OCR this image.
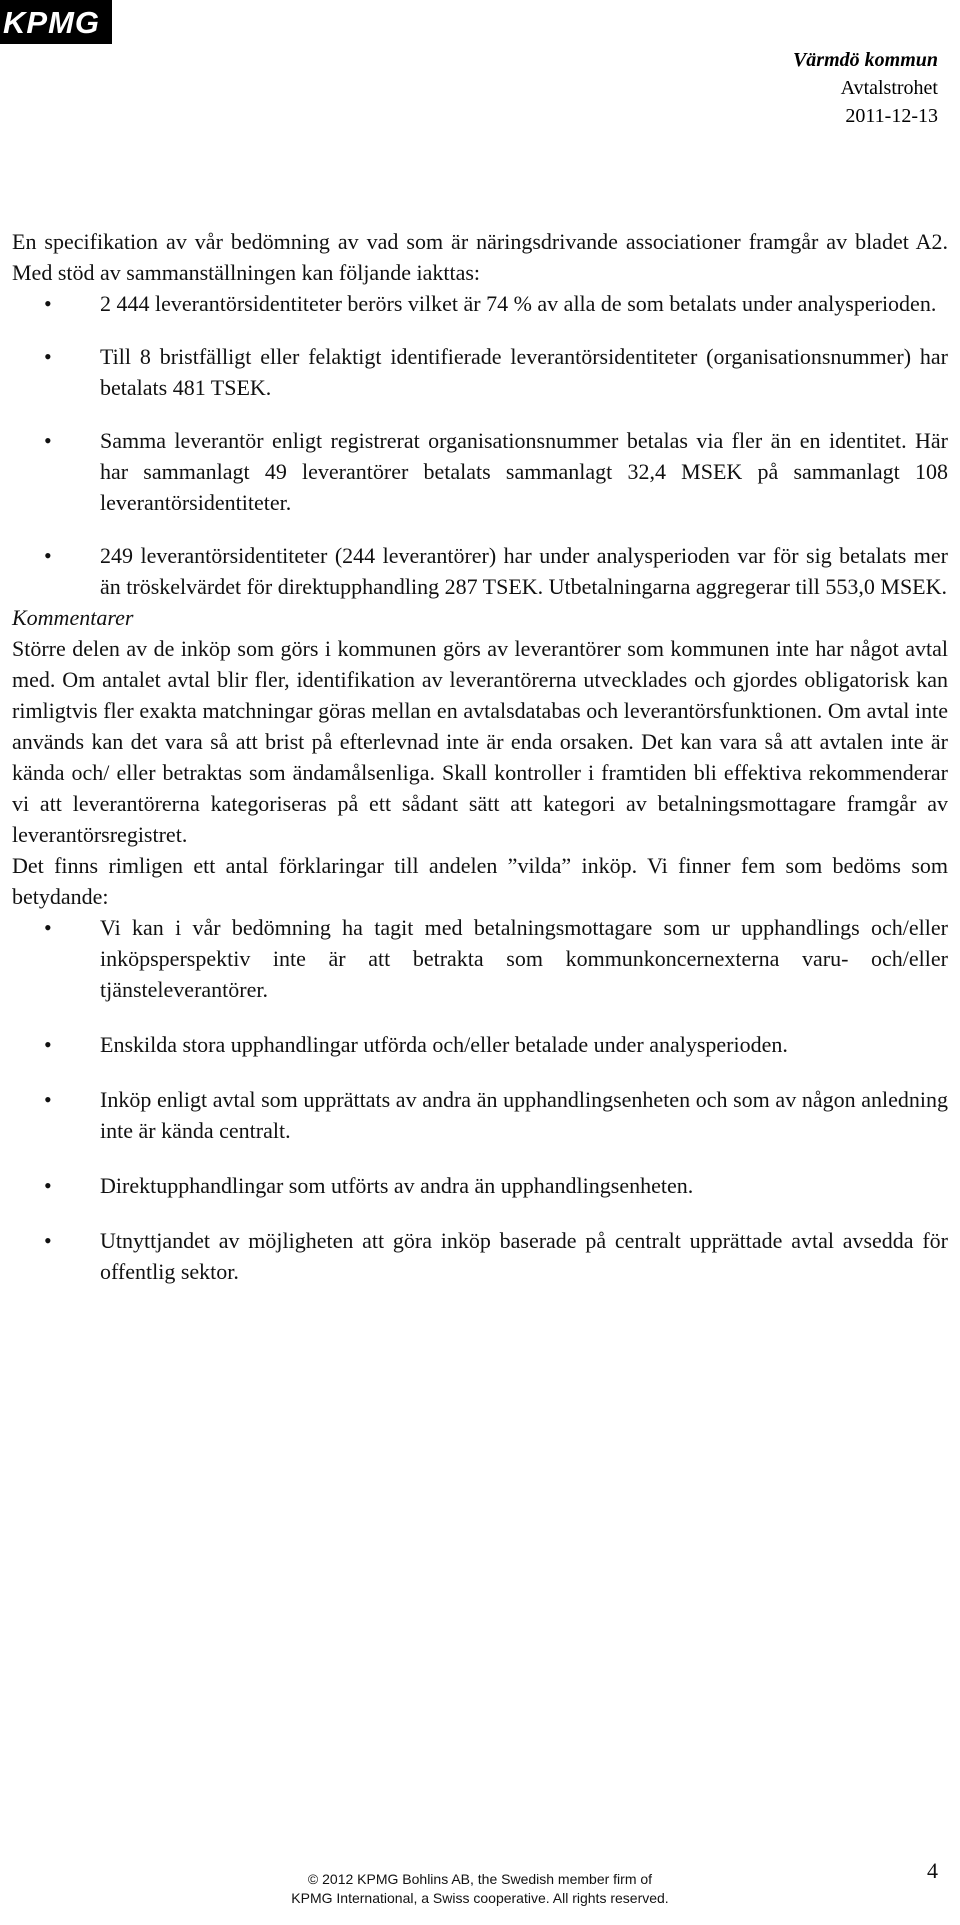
KPMG
Värmdö kommun
Avtalstrohet
2011-12-13

En specifikation av vår bedömning av vad som är näringsdrivande associationer framgår av bladet A2. Med stöd av sammanställningen kan följande iakttas:

• 2 444 leverantörsidentiteter berörs vilket är 74 % av alla de som betalats under analysperioden.
• Till 8 bristfälligt eller felaktigt identifierade leverantörsidentiteter (organisationsnummer) har betalats 481 TSEK.
• Samma leverantör enligt registrerat organisationsnummer betalas via fler än en identitet. Här har sammanlagt 49 leverantörer betalats sammanlagt 32,4 MSEK på sammanlagt 108 leverantörsidentiteter.
• 249 leverantörsidentiteter (244 leverantörer) har under analysperioden var för sig betalats mer än tröskelvärdet för direktupphandling 287 TSEK. Utbetalningarna aggregerar till 553,0 MSEK.

Kommentarer

Större delen av de inköp som görs i kommunen görs av leverantörer som kommunen inte har något avtal med. Om antalet avtal blir fler, identifikation av leverantörerna utvecklades och gjordes obligatorisk kan rimligtvis fler exakta matchningar göras mellan en avtalsdatabas och leverantörsfunktionen. Om avtal inte används kan det vara så att brist på efterlevnad inte är enda orsaken. Det kan vara så att avtalen inte är kända och/ eller betraktas som ändamålsenliga. Skall kontroller i framtiden bli effektiva rekommenderar vi att leverantörerna kategoriseras på ett sådant sätt att kategori av betalningsmottagare framgår av leverantörsregistret.

Det finns rimligen ett antal förklaringar till andelen ”vilda” inköp. Vi finner fem som bedöms som betydande:

• Vi kan i vår bedömning ha tagit med betalningsmottagare som ur upphandlings och/eller inköpsperspektiv inte är att betrakta som kommunkoncernexterna varu- och/eller tjänsteleverantörer.
• Enskilda stora upphandlingar utförda och/eller betalade under analysperioden.
• Inköp enligt avtal som upprättats av andra än upphandlingsenheten och som av någon anledning inte är kända centralt.
• Direktupphandlingar som utförts av andra än upphandlingsenheten.
• Utnyttjandet av möjligheten att göra inköp baserade på centralt upprättade avtal avsedda för offentlig sektor.
4
© 2012 KPMG Bohlins AB, the Swedish member firm of
KPMG International, a Swiss cooperative. All rights reserved.
